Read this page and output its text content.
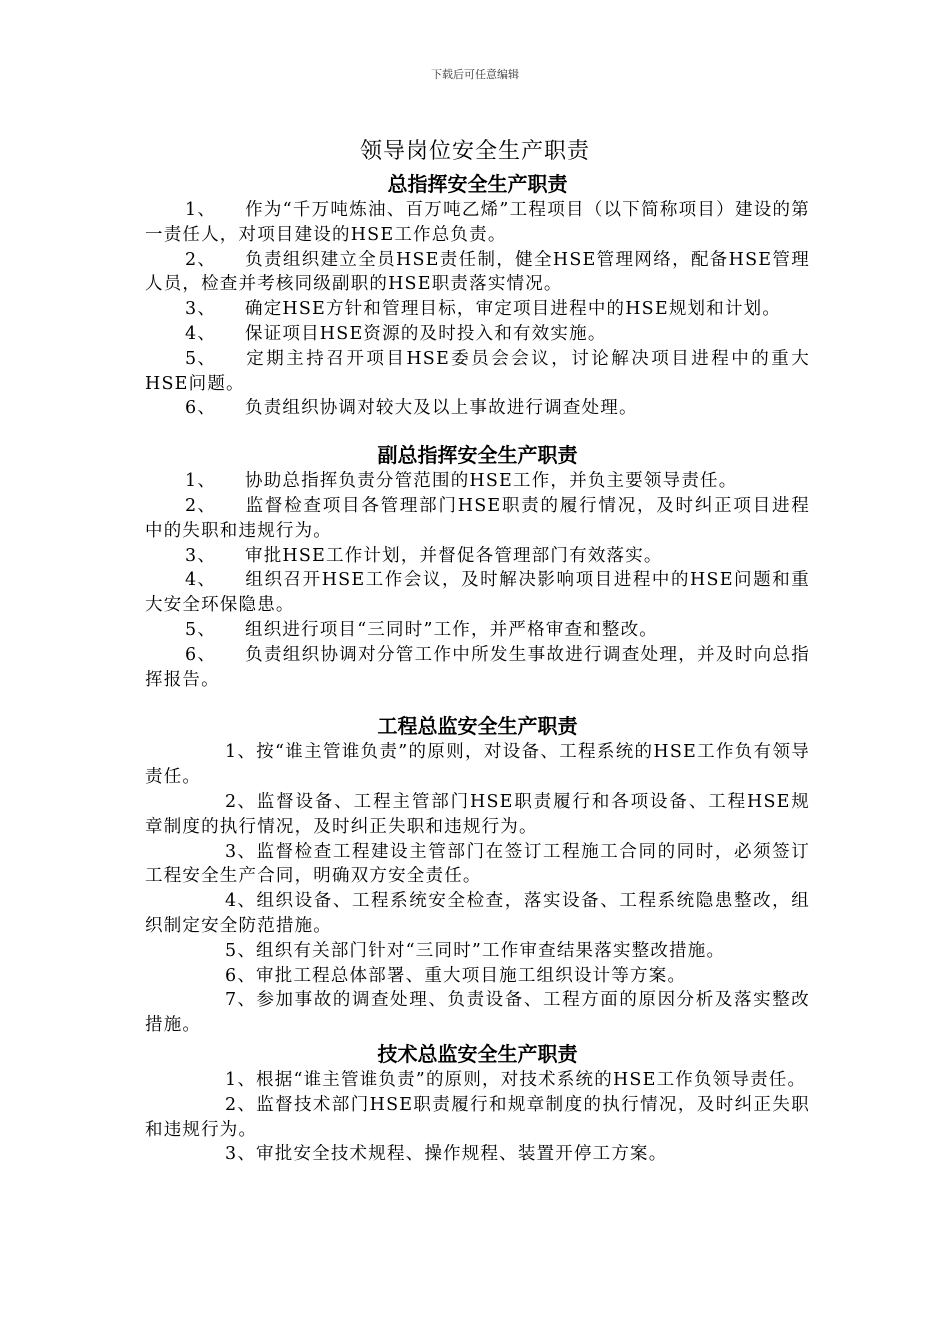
下载后可任意编辑
领导岗位安全生产职责
总指挥安全生产职责

1、 作为“千万吨炼油、百万吨乙烯”工程项目（以下简称项目）建设的第一责任人，对项目建设的HSE工作总负责。

2、 负责组织建立全员HSE责任制，健全HSE管理网络，配备HSE管理人员，检查并考核同级副职的HSE职责落实情况。

3、 确定HSE方针和管理目标，审定项目进程中的HSE规划和计划。

4、 保证项目HSE资源的及时投入和有效实施。

5、 定期主持召开项目HSE委员会会议，讨论解决项目进程中的重大HSE问题。

6、 负责组织协调对较大及以上事故进行调查处理。

副总指挥安全生产职责

1、 协助总指挥负责分管范围的HSE工作，并负主要领导责任。

2、 监督检查项目各管理部门HSE职责的履行情况，及时纠正项目进程中的失职和违规行为。

3、 审批HSE工作计划，并督促各管理部门有效落实。

4、 组织召开HSE工作会议，及时解决影响项目进程中的HSE问题和重大安全环保隐患。

5、 组织进行项目“三同时”工作，并严格审查和整改。

6、 负责组织协调对分管工作中所发生事故进行调查处理，并及时向总指挥报告。

工程总监安全生产职责

1、按“谁主管谁负责”的原则，对设备、工程系统的HSE工作负有领导责任。

2、监督设备、工程主管部门HSE职责履行和各项设备、工程HSE规章制度的执行情况，及时纠正失职和违规行为。

3、监督检查工程建设主管部门在签订工程施工合同的同时，必须签订工程安全生产合同，明确双方安全责任。

4、组织设备、工程系统安全检查，落实设备、工程系统隐患整改，组织制定安全防范措施。

5、组织有关部门针对“三同时”工作审查结果落实整改措施。

6、审批工程总体部署、重大项目施工组织设计等方案。

7、参加事故的调查处理、负责设备、工程方面的原因分析及落实整改措施。

技术总监安全生产职责

1、根据“谁主管谁负责”的原则，对技术系统的HSE工作负领导责任。

2、监督技术部门HSE职责履行和规章制度的执行情况，及时纠正失职和违规行为。

3、审批安全技术规程、操作规程、装置开停工方案。
